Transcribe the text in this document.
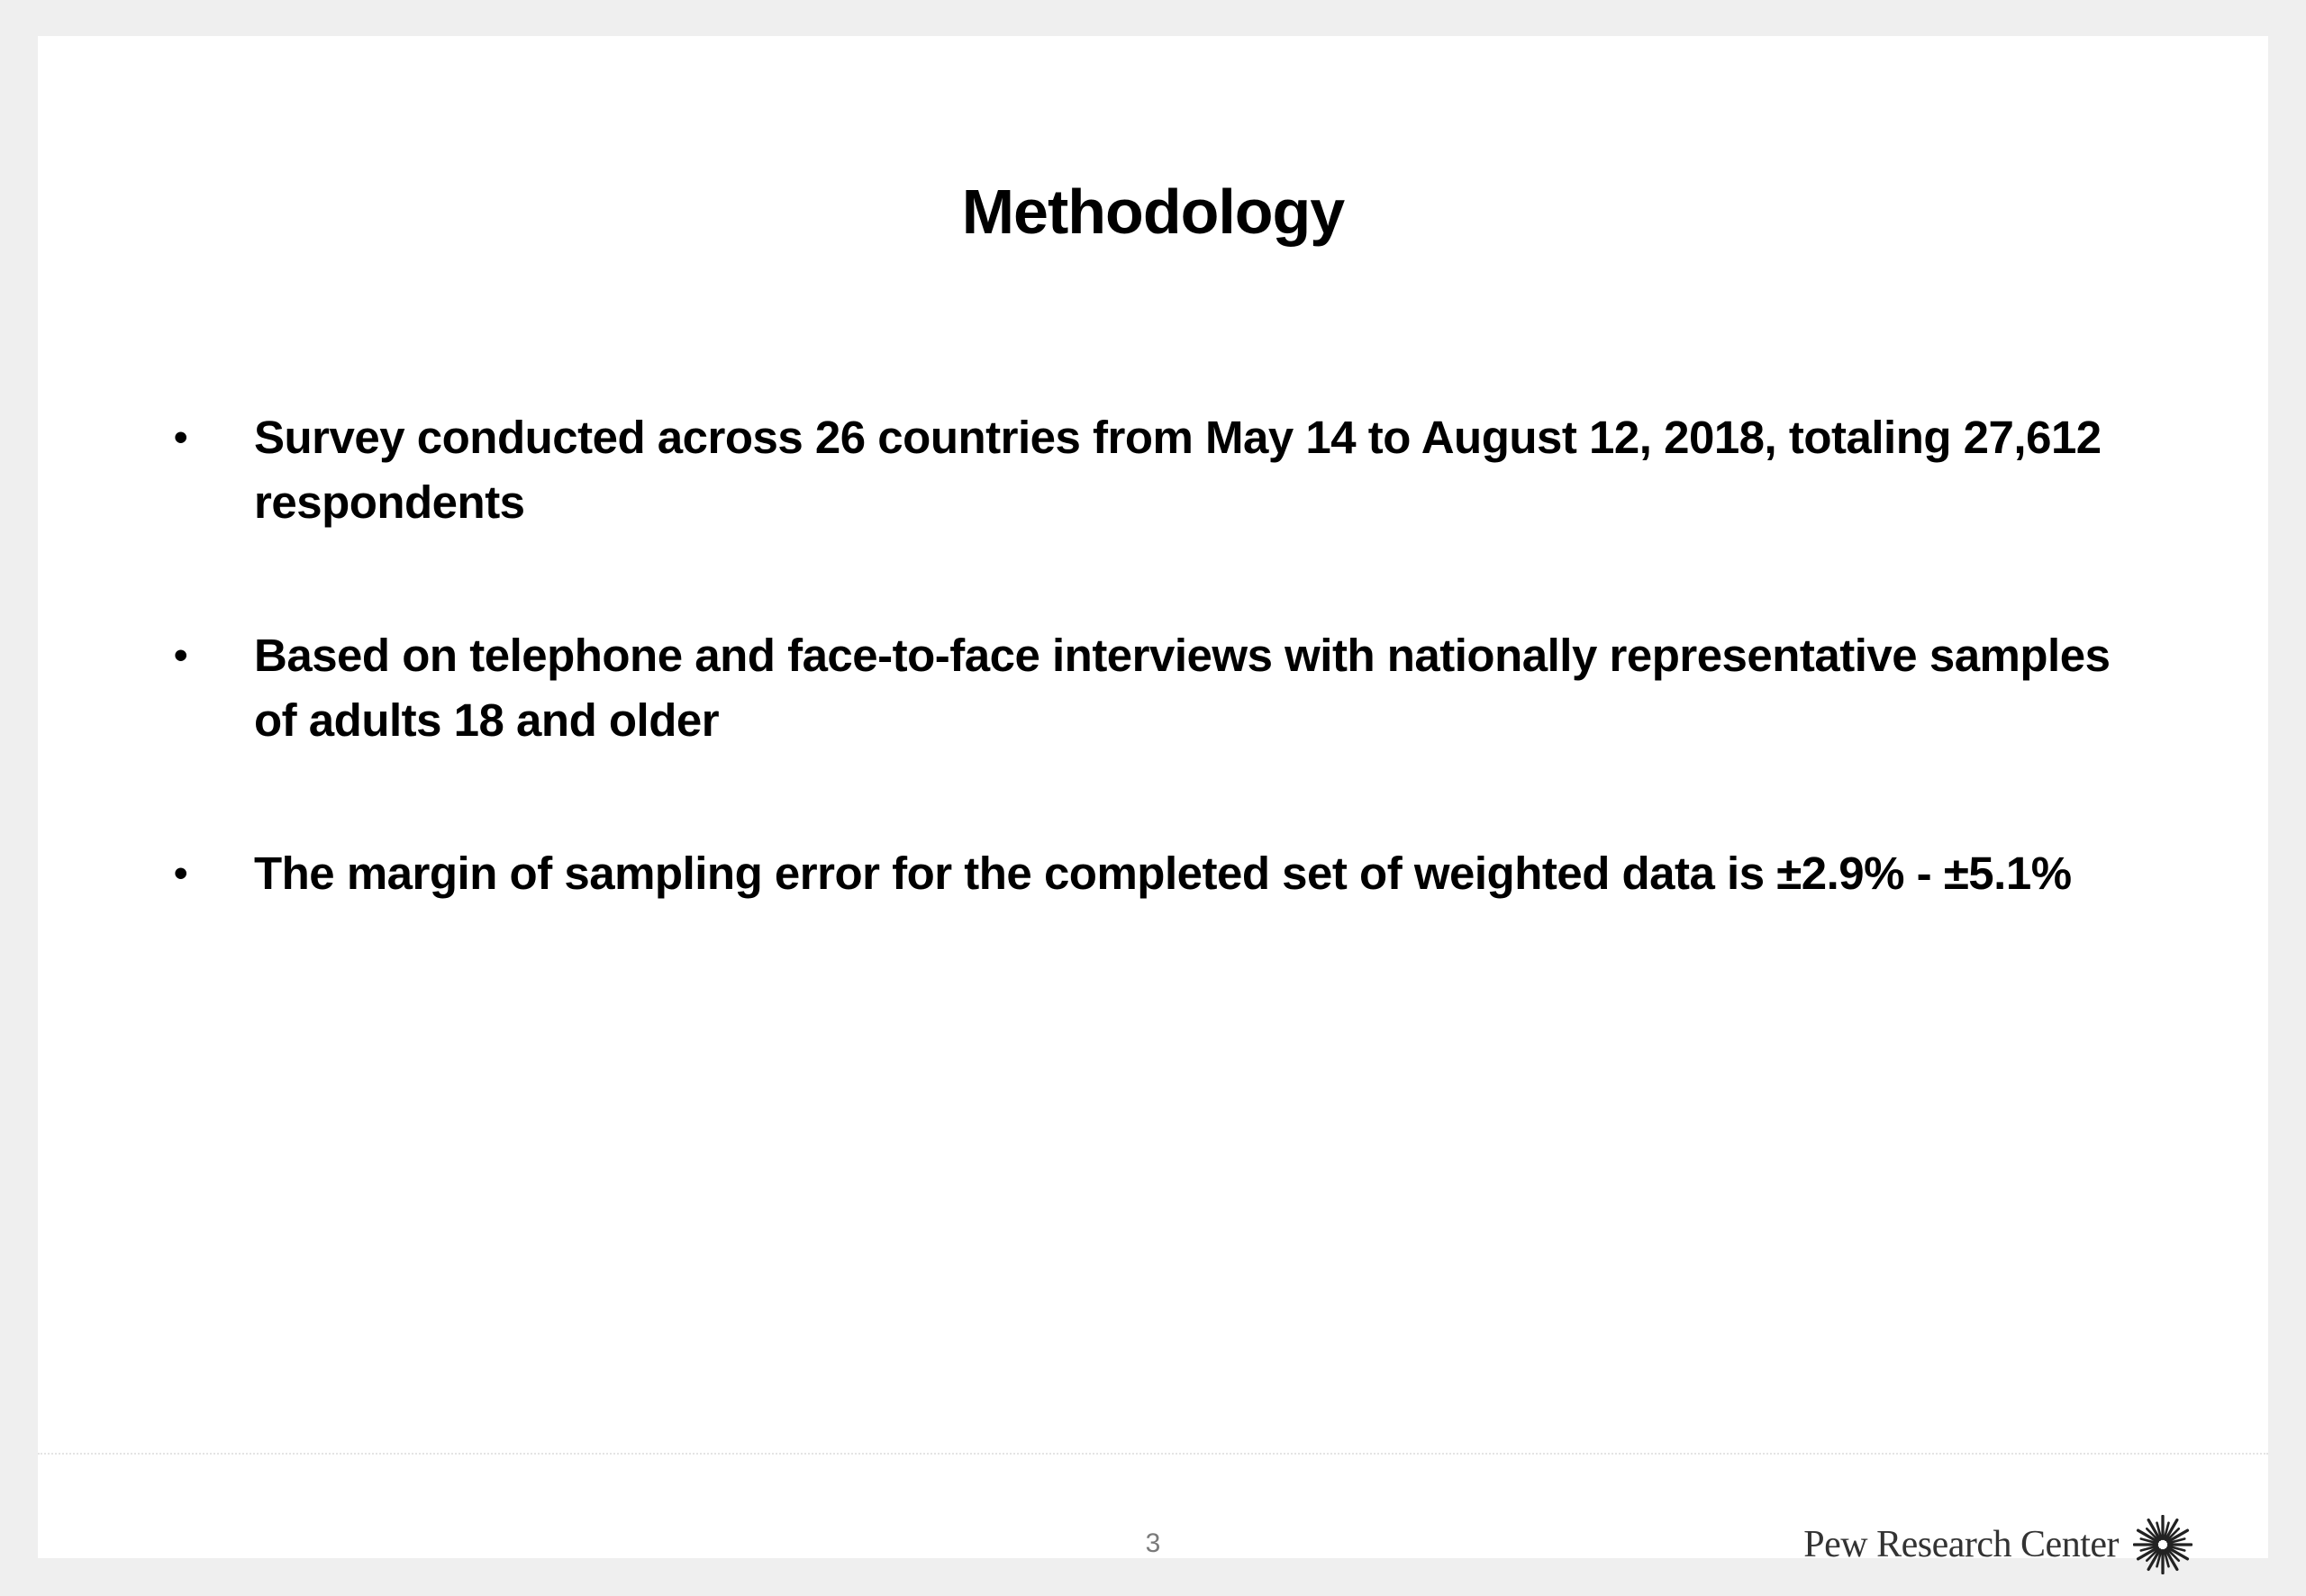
Methodology
• Survey conducted across 26 countries from May 14 to August 12, 2018, totaling 27,612 respondents
• Based on telephone and face-to-face interviews with nationally representative samples of adults 18 and older
• The margin of sampling error for the completed set of weighted data is ±2.9% - ±5.1%
3	Pew Research Center
